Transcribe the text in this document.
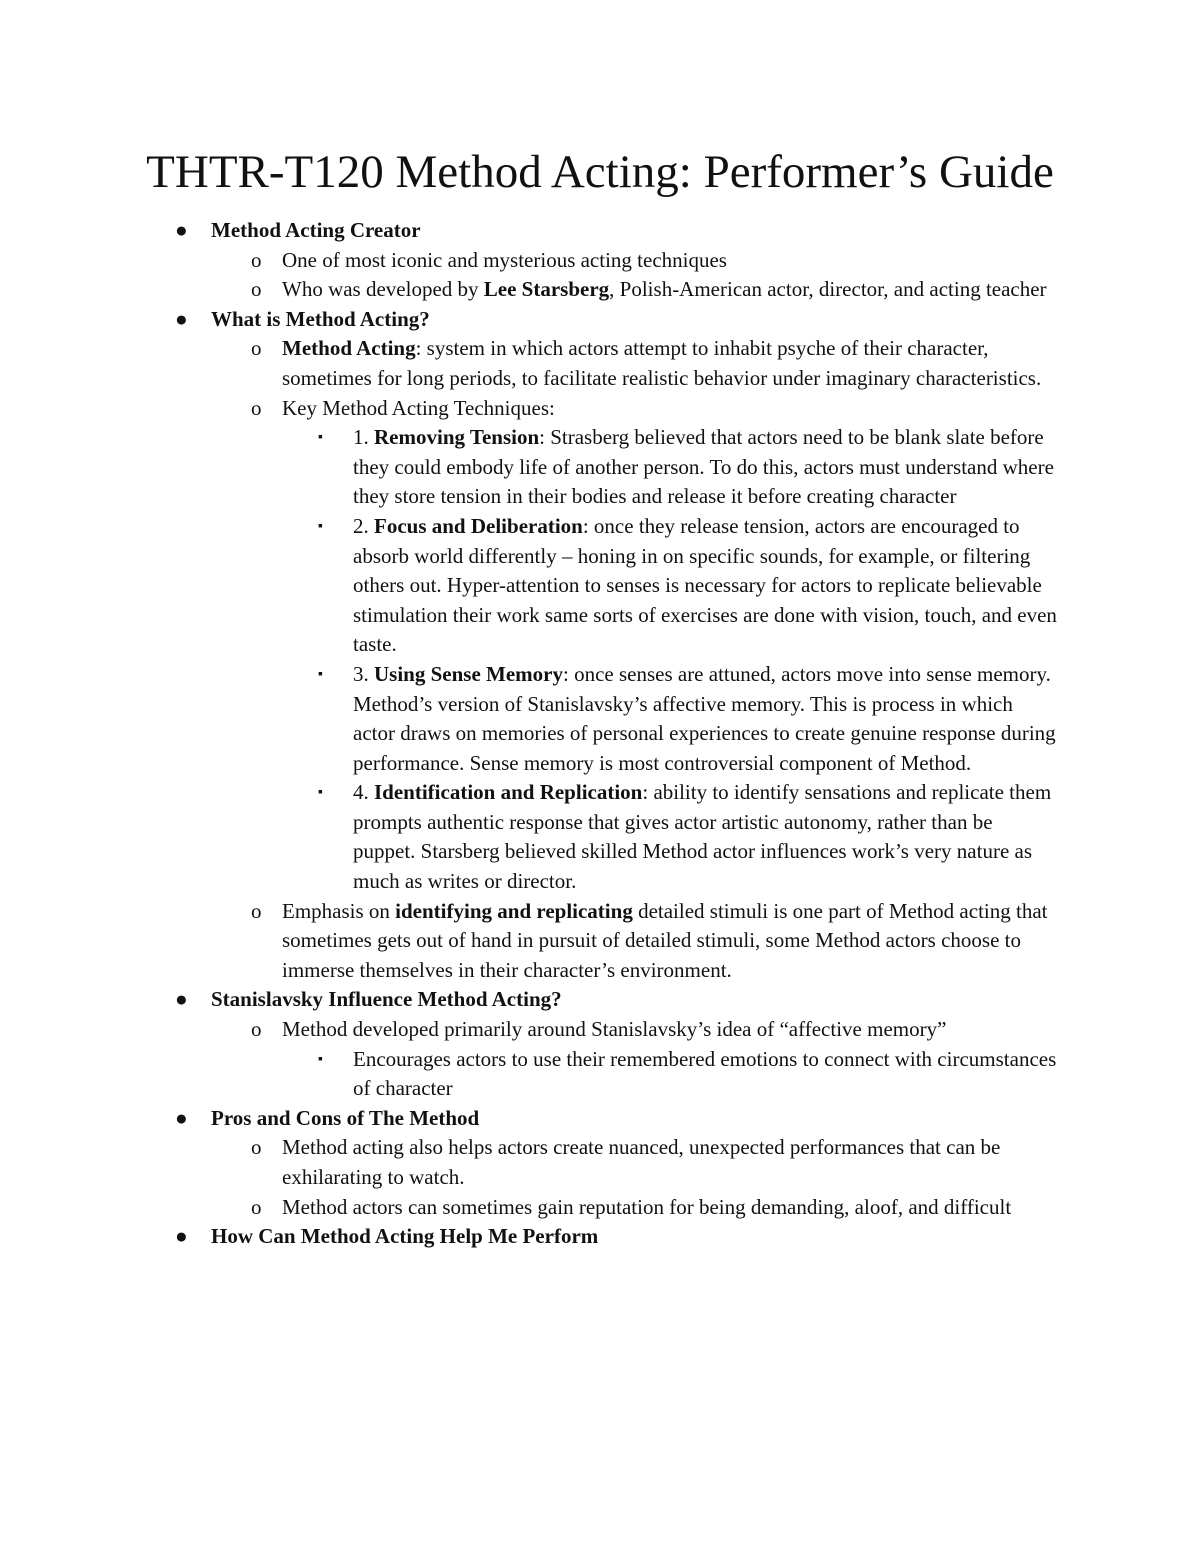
THTR-T120 Method Acting: Performer’s Guide
● Method Acting Creator
o One of most iconic and mysterious acting techniques
o Who was developed by Lee Starsberg, Polish-American actor, director, and acting teacher
● What is Method Acting?
o Method Acting: system in which actors attempt to inhabit psyche of their character, sometimes for long periods, to facilitate realistic behavior under imaginary characteristics.
o Key Method Acting Techniques:
▪ 1. Removing Tension: Strasberg believed that actors need to be blank slate before they could embody life of another person. To do this, actors must understand where they store tension in their bodies and release it before creating character
▪ 2. Focus and Deliberation: once they release tension, actors are encouraged to absorb world differently – honing in on specific sounds, for example, or filtering others out. Hyper-attention to senses is necessary for actors to replicate believable stimulation their work same sorts of exercises are done with vision, touch, and even taste.
▪ 3. Using Sense Memory: once senses are attuned, actors move into sense memory. Method’s version of Stanislavsky’s affective memory. This is process in which actor draws on memories of personal experiences to create genuine response during performance. Sense memory is most controversial component of Method.
▪ 4. Identification and Replication: ability to identify sensations and replicate them prompts authentic response that gives actor artistic autonomy, rather than be puppet. Starsberg believed skilled Method actor influences work’s very nature as much as writes or director.
o Emphasis on identifying and replicating detailed stimuli is one part of Method acting that sometimes gets out of hand in pursuit of detailed stimuli, some Method actors choose to immerse themselves in their character’s environment.
● Stanislavsky Influence Method Acting?
o Method developed primarily around Stanislavsky’s idea of “affective memory”
▪ Encourages actors to use their remembered emotions to connect with circumstances of character
● Pros and Cons of The Method
o Method acting also helps actors create nuanced, unexpected performances that can be exhilarating to watch.
o Method actors can sometimes gain reputation for being demanding, aloof, and difficult
● How Can Method Acting Help Me Perform
